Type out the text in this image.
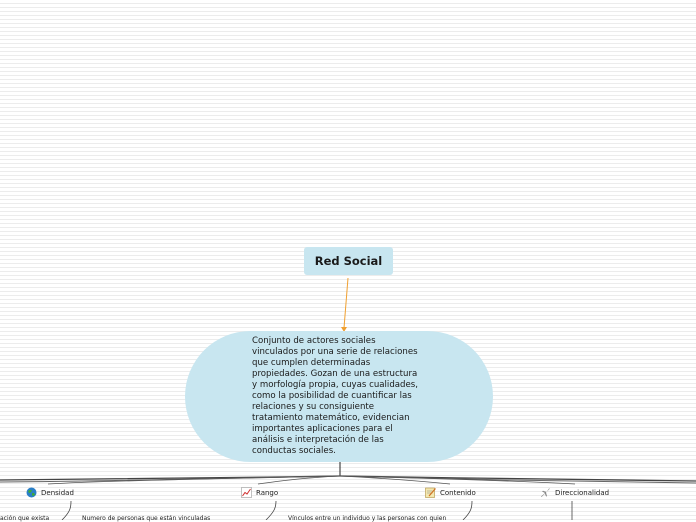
Red Social
Conjunto de actores sociales
vinculados por una serie de relaciones
que cumplen determinadas
propiedades. Gozan de una estructura
y morfología propia, cuyas cualidades,
como la posibilidad de cuantificar las
relaciones y su consiguiente
tratamiento matemático, evidencian
importantes aplicaciones para el
análisis e interpretación de las
conductas sociales.
Densidad	Rango	Contenido	Direccionalidad
ación que exista	Numero de personas que están vinculadas	Vínculos entre un individuo y las personas con quien
